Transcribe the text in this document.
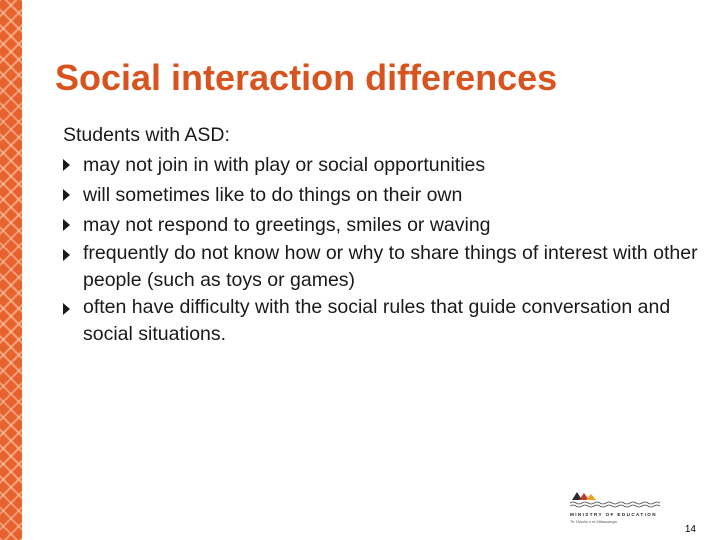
Social interaction differences

Students with ASD:

may not join in with play or social opportunities
will sometimes like to do things on their own
may not respond to greetings, smiles or waving
frequently do not know how or why to share things of interest with other people (such as toys or games)
often have difficulty with the social rules that guide conversation and social situations.
MINISTRY OF EDUCATION
Te Tāhuhu o te Mātauranga
14
